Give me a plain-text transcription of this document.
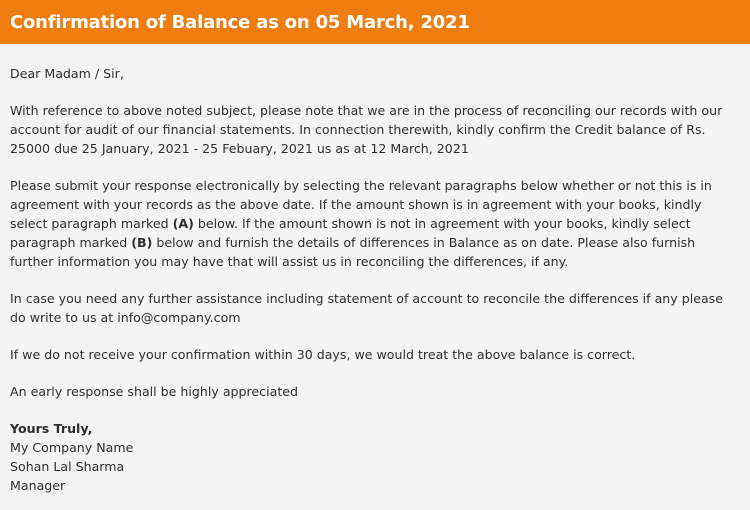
Confirmation of Balance as on 05 March, 2021

Dear Madam / Sir,

With reference to above noted subject, please note that we are in the process of reconciling our records with our account for audit of our financial statements. In connection therewith, kindly confirm the Credit balance of Rs. 25000 due 25 January, 2021 - 25 Febuary, 2021 us as at 12 March, 2021

Please submit your response electronically by selecting the relevant paragraphs below whether or not this is in agreement with your records as the above date. If the amount shown is in agreement with your books, kindly select paragraph marked (A) below. If the amount shown is not in agreement with your books, kindly select paragraph marked (B) below and furnish the details of differences in Balance as on date. Please also furnish further information you may have that will assist us in reconciling the differences, if any.

In case you need any further assistance including statement of account to reconcile the differences if any please do write to us at info@company.com

If we do not receive your confirmation within 30 days, we would treat the above balance is correct.

An early response shall be highly appreciated

Yours Truly,

My Company Name

Sohan Lal Sharma

Manager
